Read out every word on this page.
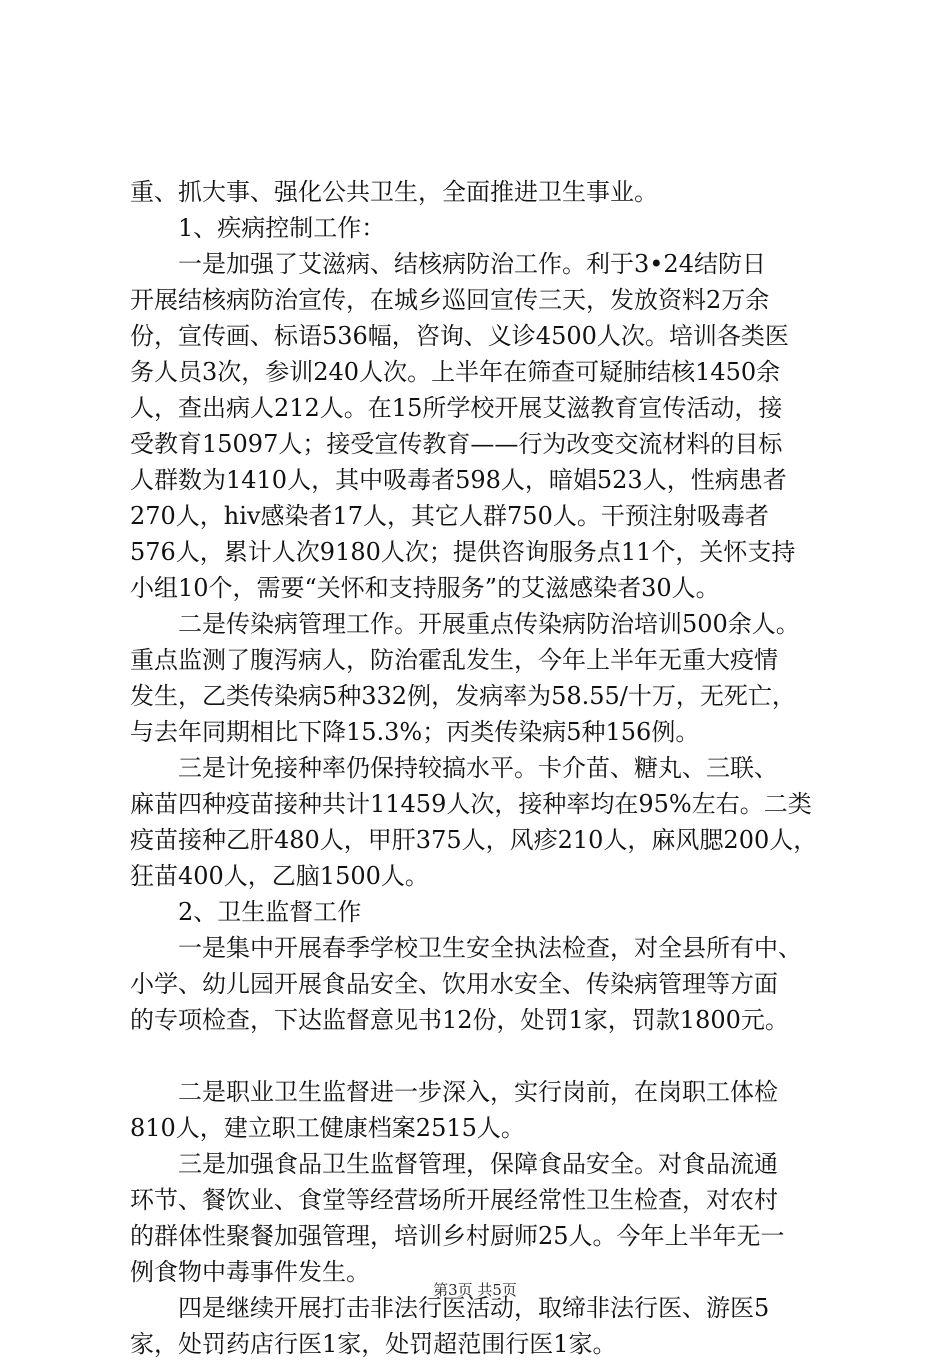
重、抓大事、强化公共卫生，全面推进卫生事业。
1、疾病控制工作：
一是加强了艾滋病、结核病防治工作。利于3•24结防日
开展结核病防治宣传，在城乡巡回宣传三天，发放资料2万余
份，宣传画、标语536幅，咨询、义诊4500人次。培训各类医
务人员3次，参训240人次。上半年在筛查可疑肺结核1450余
人，查出病人212人。在15所学校开展艾滋教育宣传活动，接
受教育15097人；接受宣传教育——行为改变交流材料的目标
人群数为1410人，其中吸毒者598人，暗娼523人，性病患者
270人，hiv感染者17人，其它人群750人。干预注射吸毒者
576人，累计人次9180人次；提供咨询服务点11个，关怀支持
小组10个，需要“关怀和支持服务”的艾滋感染者30人。
二是传染病管理工作。开展重点传染病防治培训500余人。
重点监测了腹泻病人，防治霍乱发生，今年上半年无重大疫情
发生，乙类传染病5种332例，发病率为58.55/十万，无死亡，
与去年同期相比下降15.3%；丙类传染病5种156例。
三是计免接种率仍保持较搞水平。卡介苗、糖丸、三联、
麻苗四种疫苗接种共计11459人次，接种率均在95%左右。二类
疫苗接种乙肝480人，甲肝375人，风疹210人，麻风腮200人，
狂苗400人，乙脑1500人。
2、卫生监督工作
一是集中开展春季学校卫生安全执法检查，对全县所有中、
小学、幼儿园开展食品安全、饮用水安全、传染病管理等方面
的专项检查，下达监督意见书12份，处罚1家，罚款1800元。
二是职业卫生监督进一步深入，实行岗前，在岗职工体检
810人，建立职工健康档案2515人。
三是加强食品卫生监督管理，保障食品安全。对食品流通
环节、餐饮业、食堂等经营场所开展经常性卫生检查，对农村
的群体性聚餐加强管理，培训乡村厨师25人。今年上半年无一
例食物中毒事件发生。
四是继续开展打击非法行医活动，取缔非法行医、游医5
家，处罚药店行医1家，处罚超范围行医1家。
第3页 共5页
